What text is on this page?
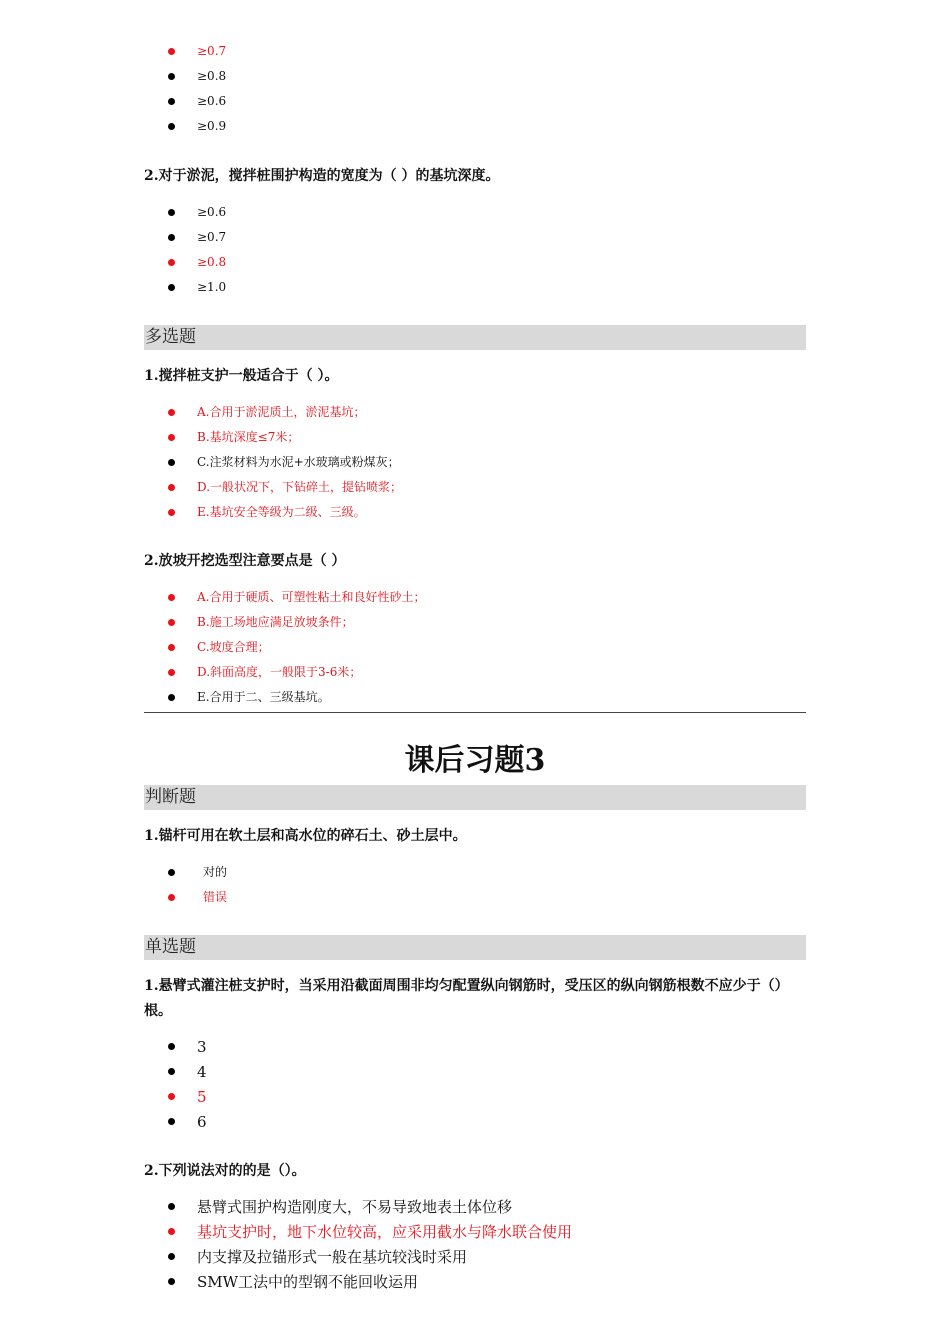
$^{\ge 0.7}$
$^{\ge 0.8}$
$^{\ge 0.6}$
$^{\ge 0.9}$
2.对于淤泥，搅拌桩围护构造的宽度为（ ）的基坑深度。
$^{\ge 0.6}$
$^{\ge 0.7}$
$^{\ge 0.8}$
$^{\ge 1.0}$
多选题
1.搅拌桩支护一般适合于（ ）。
$^{A.合用于淤泥质土,淤泥基坑;}$
$^{B.基坑深度\le 7米;}$
$^{C.注浆材料为水泥+水玻璃或粉煤灰;}$
$^{D.一般状况下,下钻碎土,提钻喷浆;}$
$^{E.基坑安全等级为二级、三级。}$
2.放坡开挖选型注意要点是（ ）
$^{A.合用于硬质、可塑性粘土和良好性砂土;}$
$^{B.施工场地应满足放坡条件;}$
$^{C.坡度合理;}$
$^{D.斜面高度,一般限于3-6米;}$
$^{E.合用于二、三级基坑。}$
课后习题3
判断题
1.锚杆可用在软土层和高水位的碎石土、砂土层中。
$^{对的}$
$^{错误}$
单选题
1.悬臂式灌注桩支护时，当采用沿截面周围非均匀配置纵向钢筋时，受压区的纵向钢筋根数不应少于（）根。
3
4
5
6
2.下列说法对的的是（）。
悬臂式围护构造刚度大，不易导致地表土体位移
基坑支护时，地下水位较高，应采用截水与降水联合使用
内支撑及拉锚形式一般在基坑较浅时采用
SMW工法中的型钢不能回收运用
